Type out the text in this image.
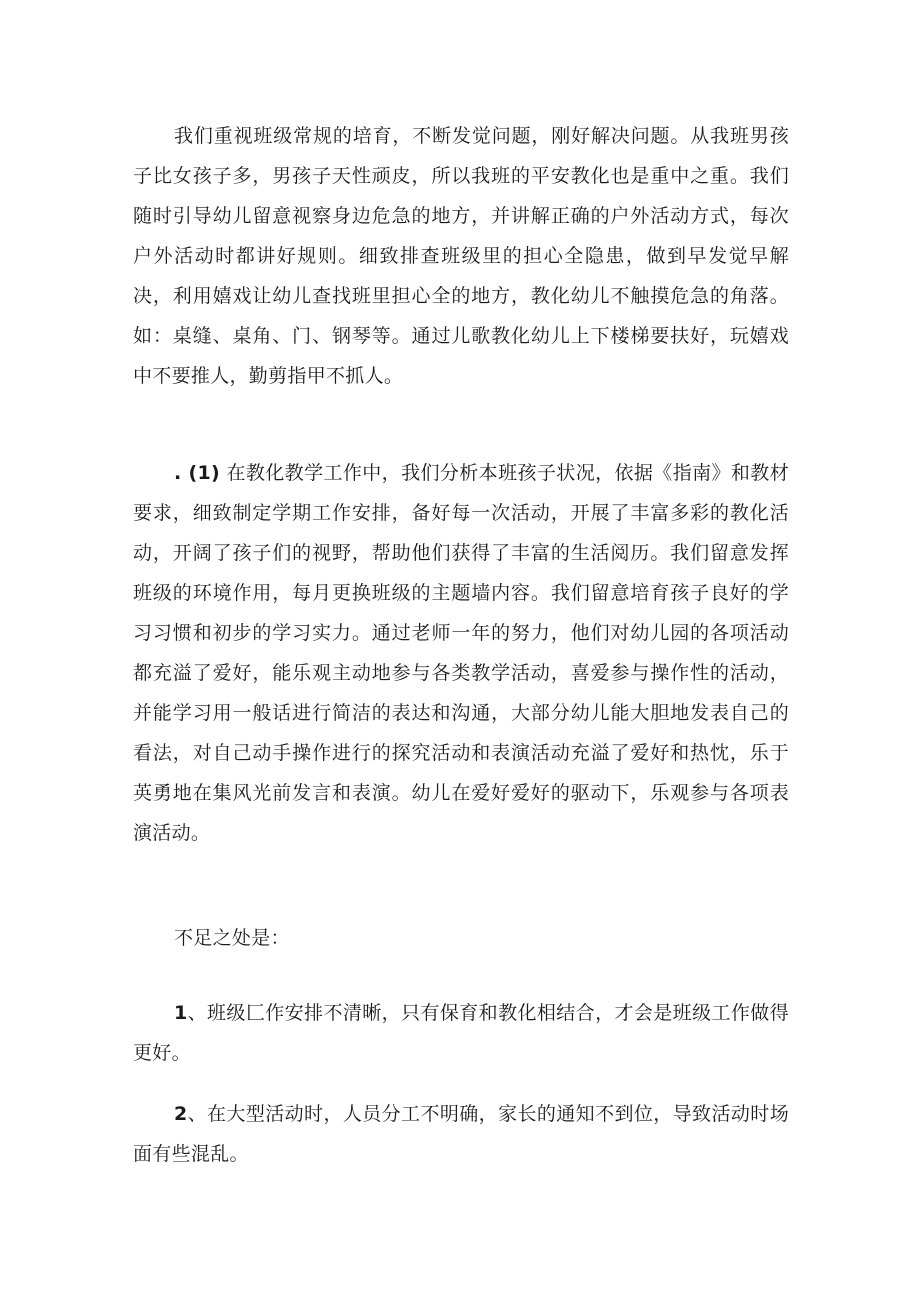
我们重视班级常规的培育，不断发觉问题，刚好解决问题。从我班男孩子比女孩子多，男孩子天性顽皮，所以我班的平安教化也是重中之重。我们随时引导幼儿留意视察身边危急的地方，并讲解正确的户外活动方式，每次户外活动时都讲好规则。细致排查班级里的担心全隐患，做到早发觉早解决，利用嬉戏让幼儿查找班里担心全的地方，教化幼儿不触摸危急的角落。如：桌缝、桌角、门、钢琴等。通过儿歌教化幼儿上下楼梯要扶好，玩嬉戏中不要推人，勤剪指甲不抓人。

. (1) 在教化教学工作中，我们分析本班孩子状况，依据《指南》和教材要求，细致制定学期工作安排，备好每一次活动，开展了丰富多彩的教化活动，开阔了孩子们的视野，帮助他们获得了丰富的生活阅历。我们留意发挥班级的环境作用，每月更换班级的主题墙内容。我们留意培育孩子良好的学习习惯和初步的学习实力。通过老师一年的努力，他们对幼儿园的各项活动都充溢了爱好，能乐观主动地参与各类教学活动，喜爱参与操作性的活动，并能学习用一般话进行简洁的表达和沟通，大部分幼儿能大胆地发表自己的看法，对自己动手操作进行的探究活动和表演活动充溢了爱好和热忱，乐于英勇地在集风光前发言和表演。幼儿在爱好爱好的驱动下，乐观参与各项表演活动。

不足之处是：

1、班级匚作安排不清晰，只有保育和教化相结合，才会是班级工作做得更好。

2、在大型活动时，人员分工不明确，家长的通知不到位，导致活动时场面有些混乱。
